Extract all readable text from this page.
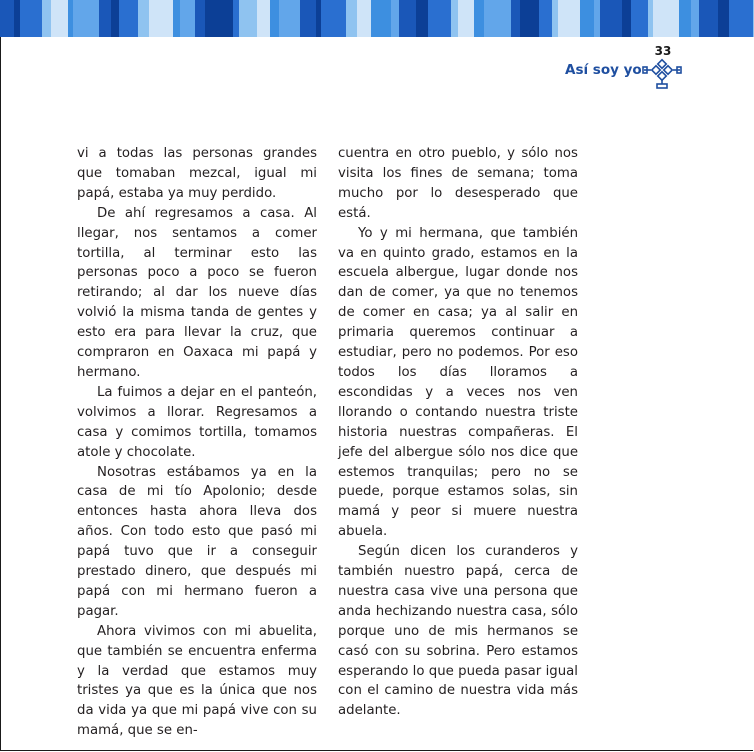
33
Así soy yo

vi a todas las personas grandes que tomaban mezcal, igual mi papá, estaba ya muy perdido.

De ahí regresamos a casa. Al llegar, nos sentamos a comer tortilla, al terminar esto las personas poco a poco se fueron retirando; al dar los nueve días volvió la misma tanda de gentes y esto era para llevar la cruz, que compraron en Oaxaca mi papá y hermano.

La fuimos a dejar en el panteón, volvimos a llorar. Regresamos a casa y comimos tortilla, tomamos atole y chocolate.

Nosotras estábamos ya en la casa de mi tío Apolonio; desde entonces hasta ahora lleva dos años. Con todo esto que pasó mi papá tuvo que ir a conseguir prestado dinero, que después mi papá con mi hermano fueron a pagar.

Ahora vivimos con mi abuelita, que también se encuentra enferma y la verdad que estamos muy tristes ya que es la única que nos da vida ya que mi papá vive con su mamá, que se en-

cuentra en otro pueblo, y sólo nos visita los fines de semana; toma mucho por lo desesperado que está.

Yo y mi hermana, que también va en quinto grado, estamos en la escuela albergue, lugar donde nos dan de comer, ya que no tenemos de comer en casa; ya al salir en primaria queremos continuar a estudiar, pero no podemos. Por eso todos los días lloramos a escondidas y a veces nos ven llorando o contando nuestra triste historia nuestras compañeras. El jefe del albergue sólo nos dice que estemos tranquilas; pero no se puede, porque estamos solas, sin mamá y peor si muere nuestra abuela.

Según dicen los curanderos y también nuestro papá, cerca de nuestra casa vive una persona que anda hechizando nuestra casa, sólo porque uno de mis hermanos se casó con su sobrina. Pero estamos esperando lo que pueda pasar igual con el camino de nuestra vida más adelante.
